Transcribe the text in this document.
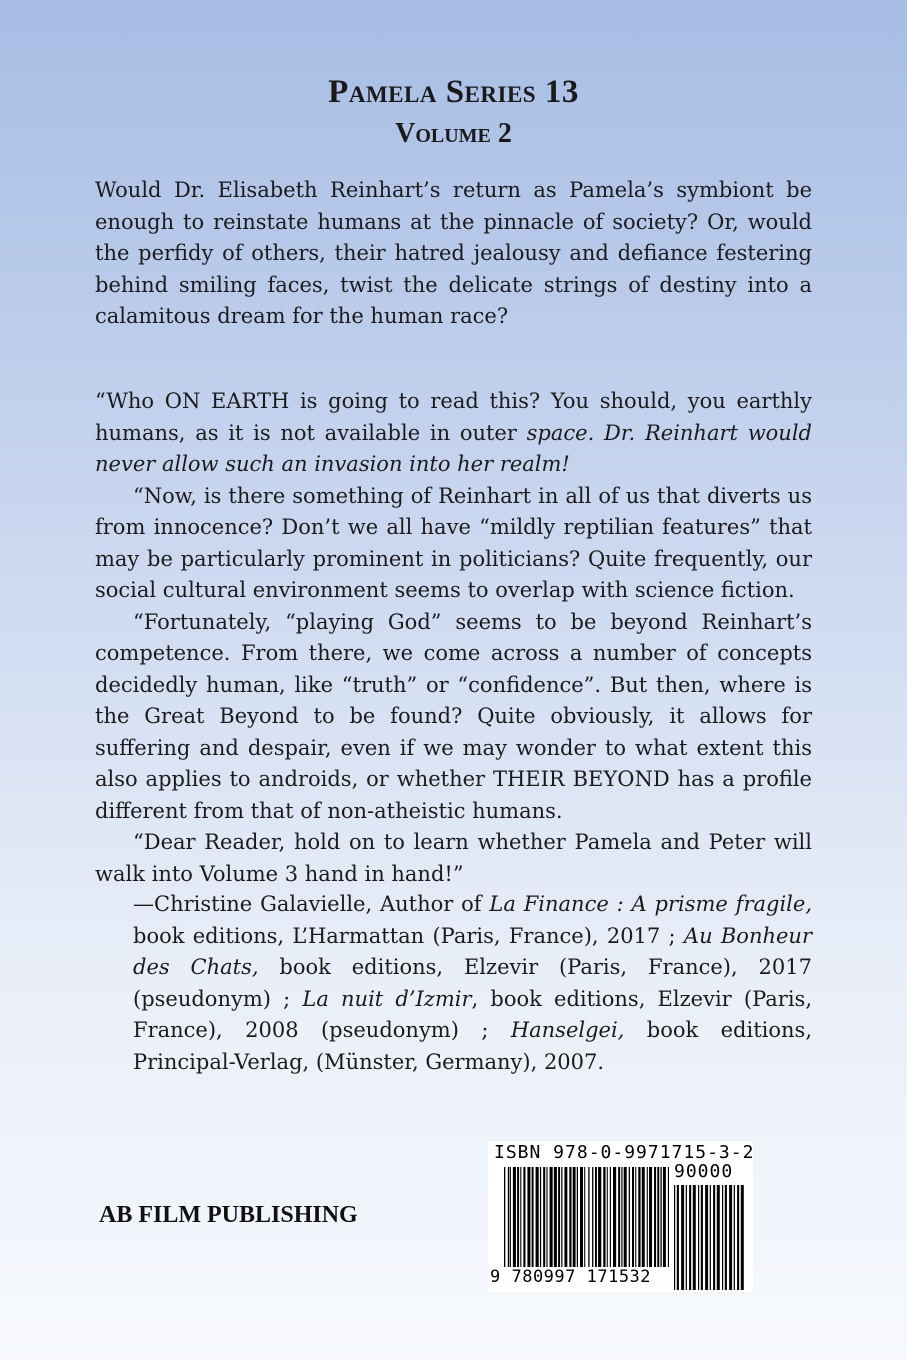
Pamela Series 13
Volume 2

Would Dr. Elisabeth Reinhart’s return as Pamela’s symbiont be enough to reinstate humans at the pinnacle of society? Or, would the perfidy of others, their hatred jealousy and defiance festering behind smiling faces, twist the delicate strings of destiny into a calamitous dream for the human race?

“Who ON EARTH is going to read this? You should, you earthly humans, as it is not available in outer space. Dr. Reinhart would never allow such an invasion into her realm!
“Now, is there something of Reinhart in all of us that diverts us from innocence? Don’t we all have “mildly reptilian features” that may be particularly prominent in politicians? Quite frequently, our social cultural environment seems to overlap with science fiction.
“Fortunately, “playing God” seems to be beyond Reinhart’s competence. From there, we come across a number of concepts decidedly human, like “truth” or “confidence”. But then, where is the Great Beyond to be found? Quite obviously, it allows for suffering and despair, even if we may wonder to what extent this also applies to androids, or whether THEIR BEYOND has a profile different from that of non-atheistic humans.
“Dear Reader, hold on to learn whether Pamela and Peter will walk into Volume 3 hand in hand!”

—Christine Galavielle, Author of La Finance : A prisme fragile, book editions, L’Harmattan (Paris, France), 2017 ; Au Bonheur des Chats, book editions, Elzevir (Paris, France), 2017 (pseudonym) ; La nuit d’Izmir, book editions, Elzevir (Paris, France), 2008 (pseudonym) ; Hanselgei, book editions, Principal-Verlag, (Münster, Germany), 2007.

AB FILM PUBLISHING
ISBN 978-0-9971715-3-2
90000
9 780997 171532
